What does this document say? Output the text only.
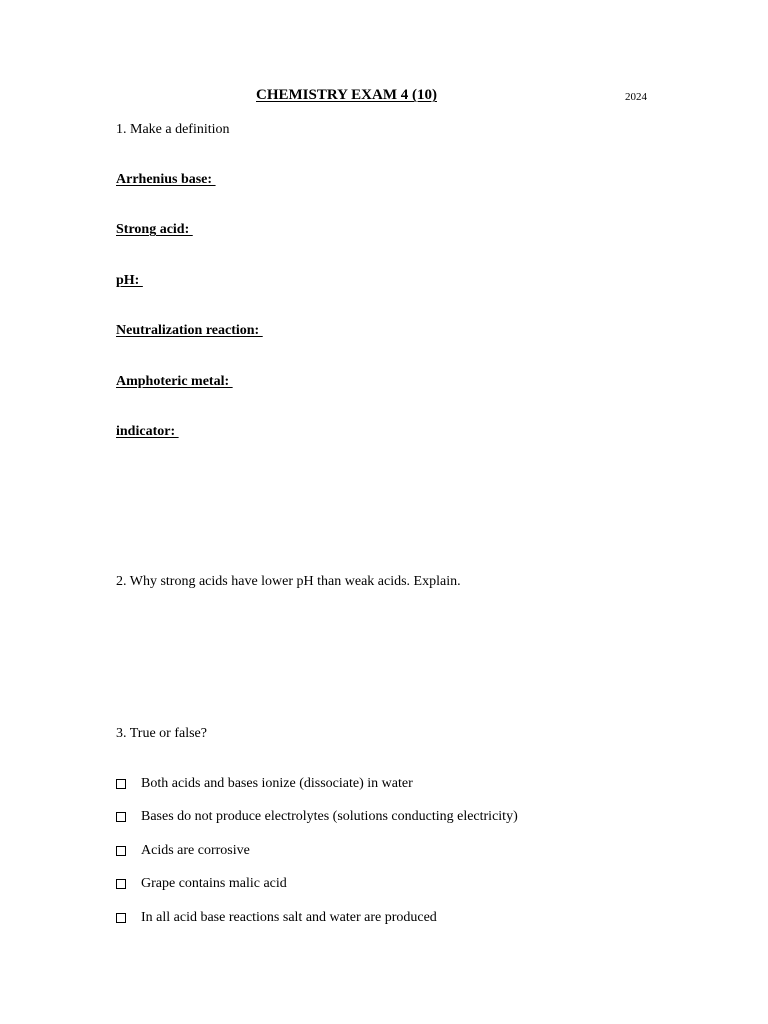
CHEMISTRY EXAM 4 (10)	2024
1. Make a definition
Arrhenius base:
Strong acid:
pH:
Neutralization reaction:
Amphoteric metal:
indicator:
2. Why strong acids have lower pH than weak acids. Explain.
3. True or false?
Both acids and bases ionize (dissociate) in water
Bases do not produce electrolytes (solutions conducting electricity)
Acids are corrosive
Grape contains malic acid
In all acid base reactions salt and water are produced
